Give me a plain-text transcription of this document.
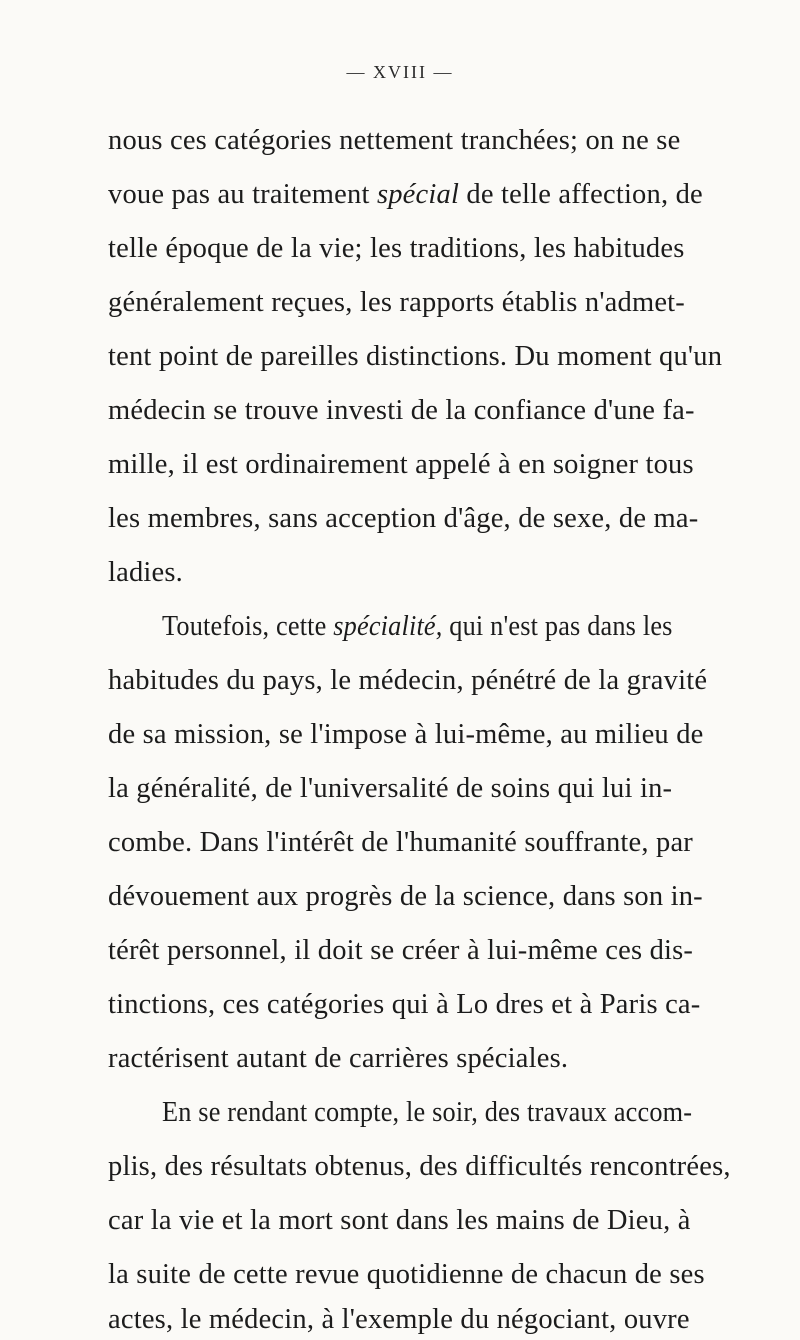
— XVIII —
nous ces catégories nettement tranchées; on ne se
voue pas au traitement spécial de telle affection, de
telle époque de la vie; les traditions, les habitudes
généralement reçues, les rapports établis n'admet-
tent point de pareilles distinctions. Du moment qu'un
médecin se trouve investi de la confiance d'une fa-
mille, il est ordinairement appelé à en soigner tous
les membres, sans acception d'âge, de sexe, de ma-
ladies.
Toutefois, cette spécialité, qui n'est pas dans les
habitudes du pays, le médecin, pénétré de la gravité
de sa mission, se l'impose à lui-même, au milieu de
la généralité, de l'universalité de soins qui lui in-
combe. Dans l'intérêt de l'humanité souffrante, par
dévouement aux progrès de la science, dans son in-
térêt personnel, il doit se créer à lui-même ces dis-
tinctions, ces catégories qui à Lo dres et à Paris ca-
ractérisent autant de carrières spéciales.
En se rendant compte, le soir, des travaux accom-
plis, des résultats obtenus, des difficultés rencontrées,
car la vie et la mort sont dans les mains de Dieu, à
la suite de cette revue quotidienne de chacun de ses
actes, le médecin, à l'exemple du négociant, ouvre
